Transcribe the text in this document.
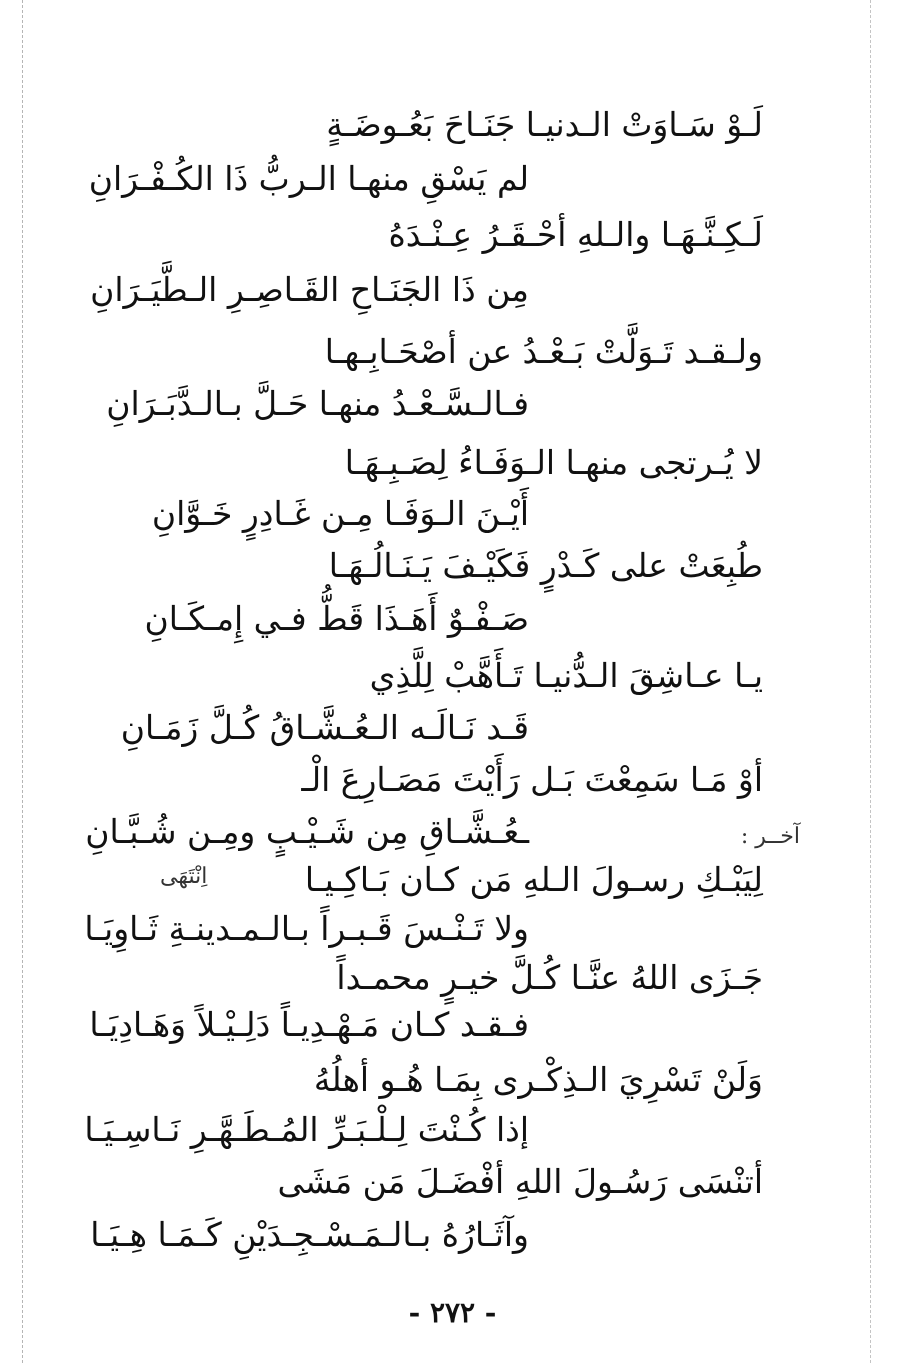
لَـوْ سَـاوَتْ الـدنيـا جَنَـاحَ بَعُـوضَـةٍ
لم يَسْقِ منهـا الـربُّ ذَا الكُـفْـرَانِ
لَـكِـنَّـهَـا والـلهِ أحْـقَـرُ عِـنْـدَهُ
مِن ذَا الجَنَـاحِ القَـاصِـرِ الـطَّيَـرَانِ
ولـقـد تَـوَلَّتْ بَـعْـدُ عن أصْحَـابِـهـا
فـالـسَّـعْـدُ منهـا حَـلَّ بـالـدَّبَـرَانِ
لا يُـرتجى منهـا الـوَفَـاءُ لِصَـبِـهَـا
أَيْـنَ الـوَفَـا مِـن غَـادِرٍ خَـوَّانِ
طُبِعَتْ على كَـدْرٍ فَكَيْـفَ يَـنَـالُـهَـا
صَـفْـوٌ أَهَـذَا قَطُّ فـي إِمـكَـانِ
يـا عـاشِقَ الـدُّنيـا تَـأَهَّبْ لِلَّذِي
قَـد نَـالَـه الـعُـشَّـاقُ كُـلَّ زَمَـانِ
أوْ مَـا سَمِعْتَ بَـل رَأَيْتَ مَصَـارِعَ الْـ
ـعُـشَّـاقِ مِن شَـيْـبٍ ومِـن شُـبَّـانِ	آخــر :
لِيَبْـكِ رسـولَ الـلهِ مَن كـان بَـاكِـيـا
اِنْتَهَى
ولا تَـنْـسَ قَـبـراً بـالـمـدينـةِ ثَـاوِيَـا
جَـزَى اللهُ عنَّـا كُـلَّ خيـرٍ محمـداً
فـقـد كـان مَـهْـدِيـاً دَلِـيْـلاً وَهَـادِيَـا
وَلَنْ تَسْرِيَ الـذِكْـرى بِمَـا هُـو أهلُهُ
إذا كُـنْتَ لِـلْـبَـرِّ المُـطَـهَّـرِ نَـاسِـيَـا
أتنْسَى رَسُـولَ اللهِ أفْضَـلَ مَن مَشَى
وآثَـارُهُ بـالـمَـسْـجِـدَيْنِ كَـمَـا هِـيَـا
- ٢٧٢ -
